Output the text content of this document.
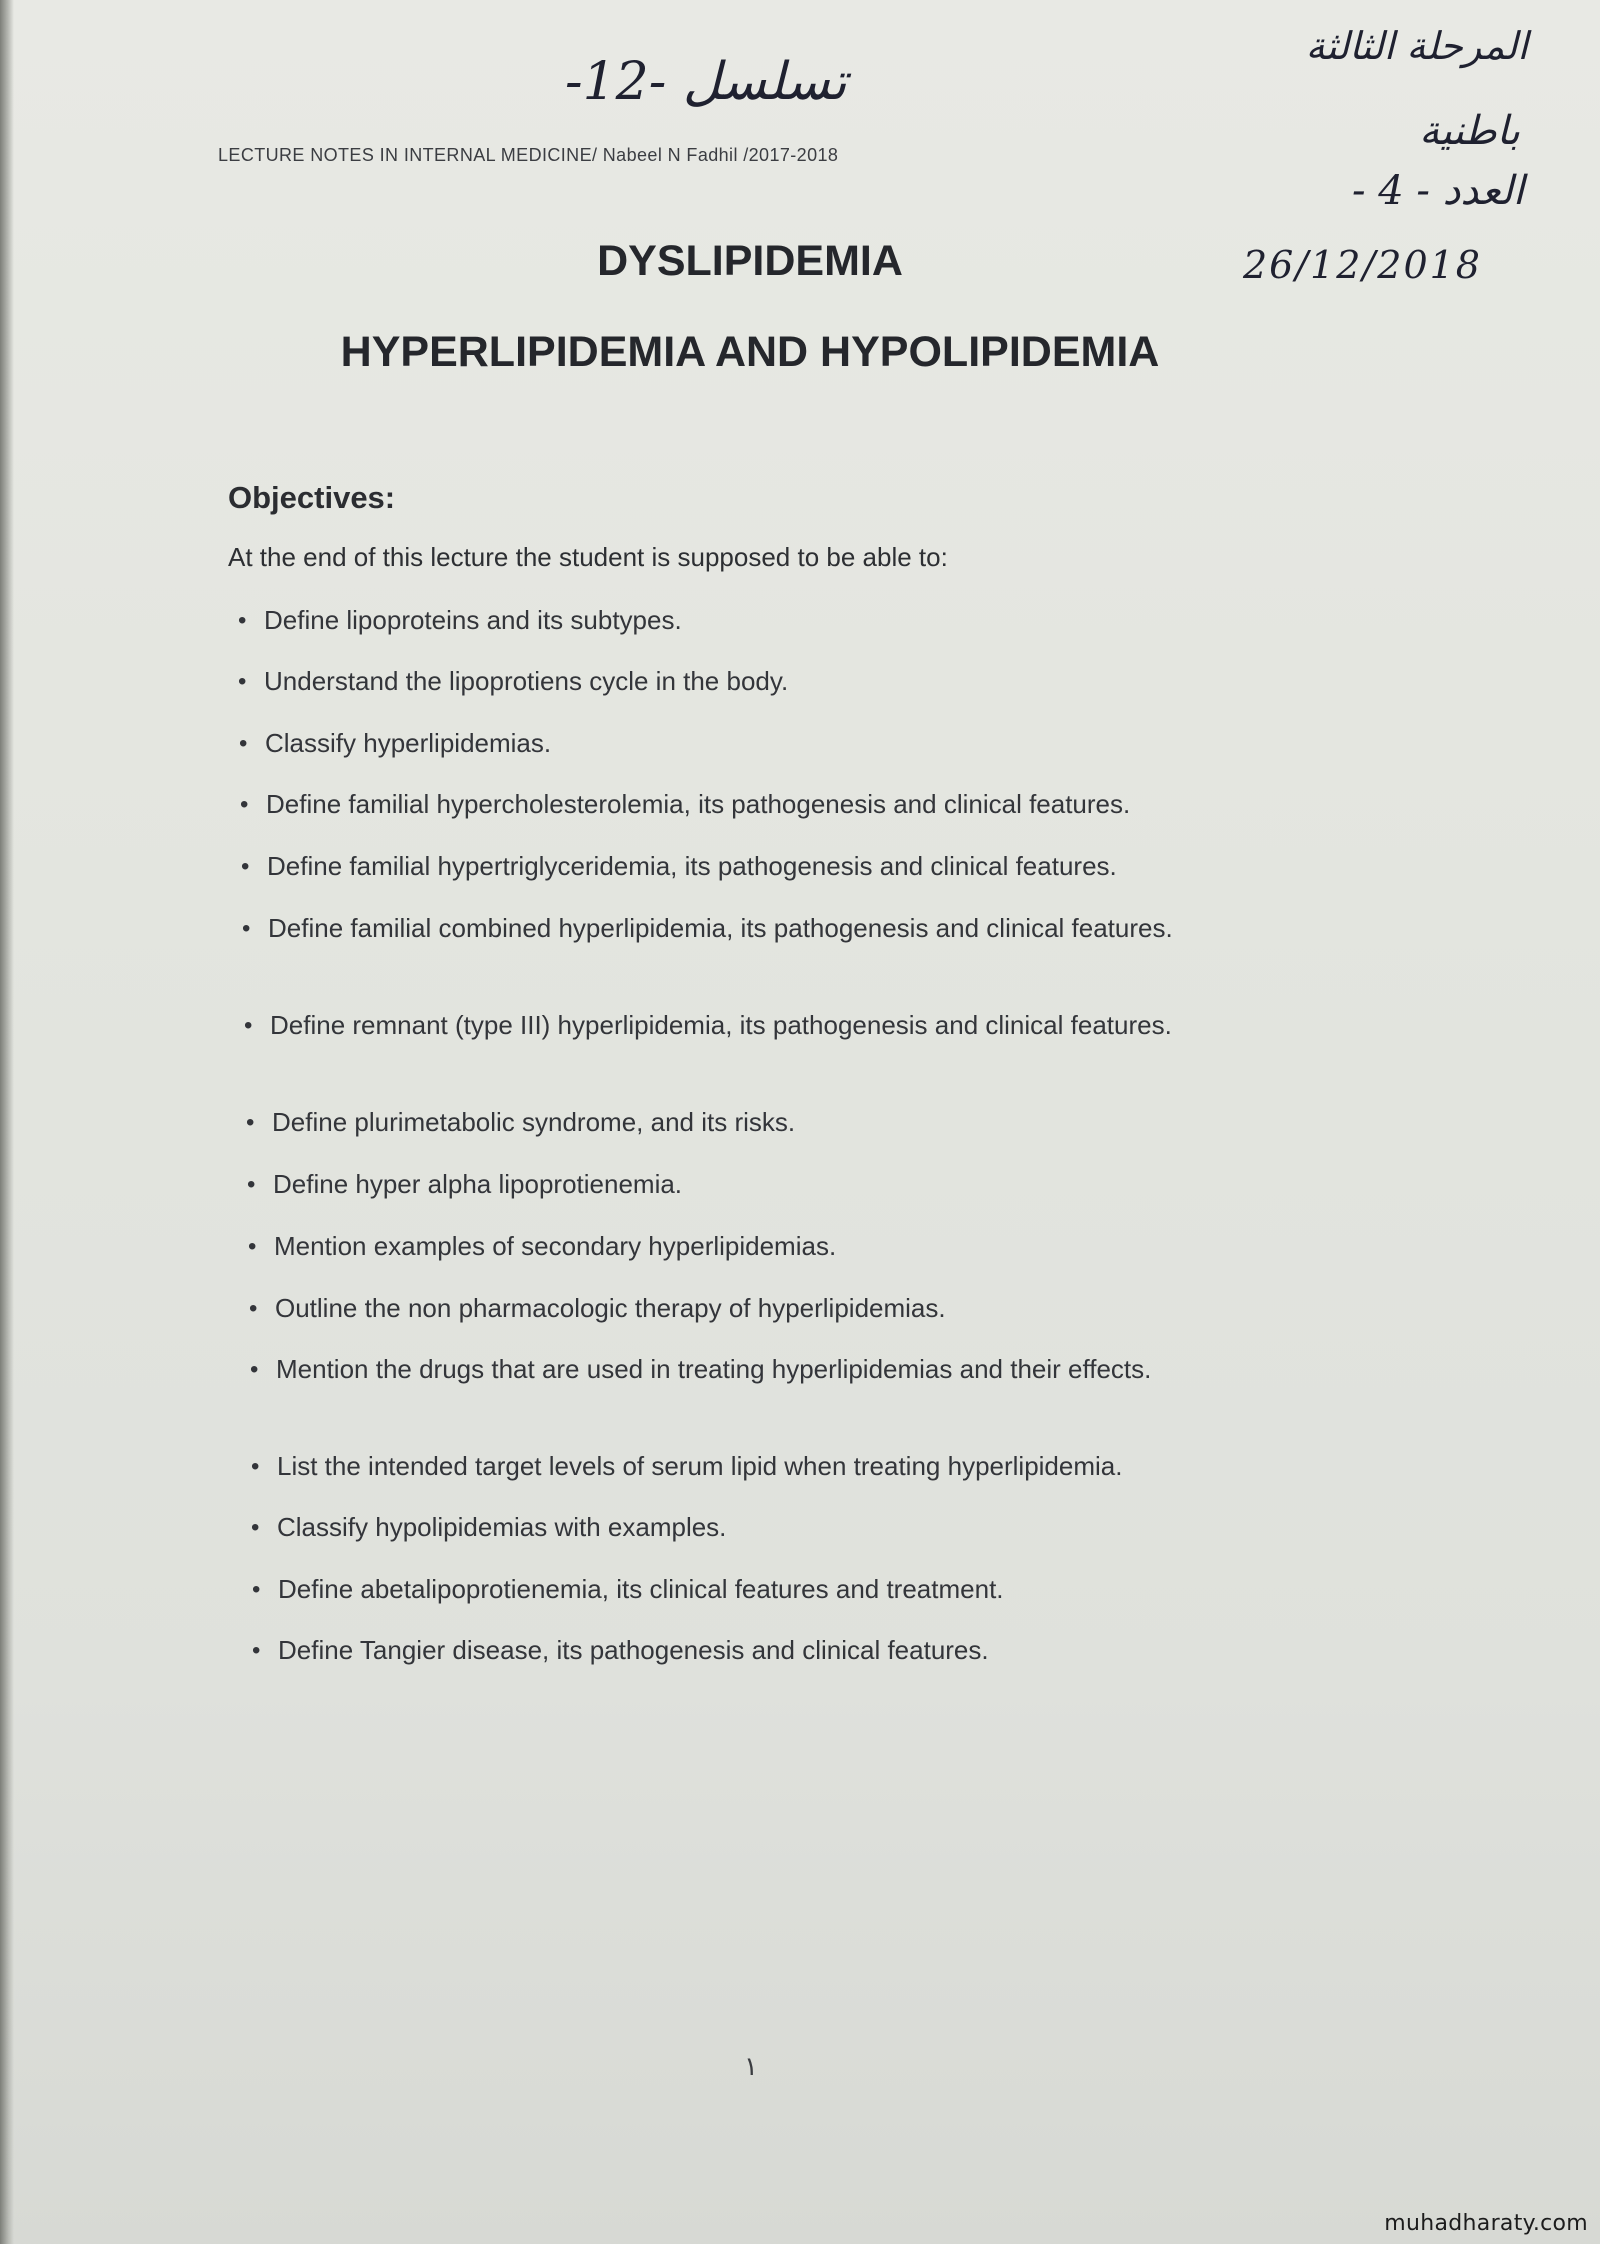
-12- تسلسل
المرحلة الثالثة
باطنية
العدد - 4 -
26/12/2018
LECTURE NOTES IN INTERNAL MEDICINE/ Nabeel N Fadhil /2017-2018
DYSLIPIDEMIA
HYPERLIPIDEMIA AND HYPOLIPIDEMIA
Objectives:
At the end of this lecture the student is supposed to be able to:
• Define lipoproteins and its subtypes.
• Understand the lipoprotiens cycle in the body.
• Classify hyperlipidemias.
• Define familial hypercholesterolemia, its pathogenesis and clinical features.
• Define familial hypertriglyceridemia, its pathogenesis and clinical features.
• Define familial combined hyperlipidemia, its pathogenesis and clinical features.
• Define remnant (type III) hyperlipidemia, its pathogenesis and clinical features.
• Define plurimetabolic syndrome, and its risks.
• Define hyper alpha lipoprotienemia.
• Mention examples of secondary hyperlipidemias.
• Outline the non pharmacologic therapy of hyperlipidemias.
• Mention the drugs that are used in treating hyperlipidemias and their effects.
• List the intended target levels of serum lipid when treating hyperlipidemia.
• Classify hypolipidemias with examples.
• Define abetalipoprotienemia, its clinical features and treatment.
• Define Tangier disease, its pathogenesis and clinical features.
١
muhadharaty.com
